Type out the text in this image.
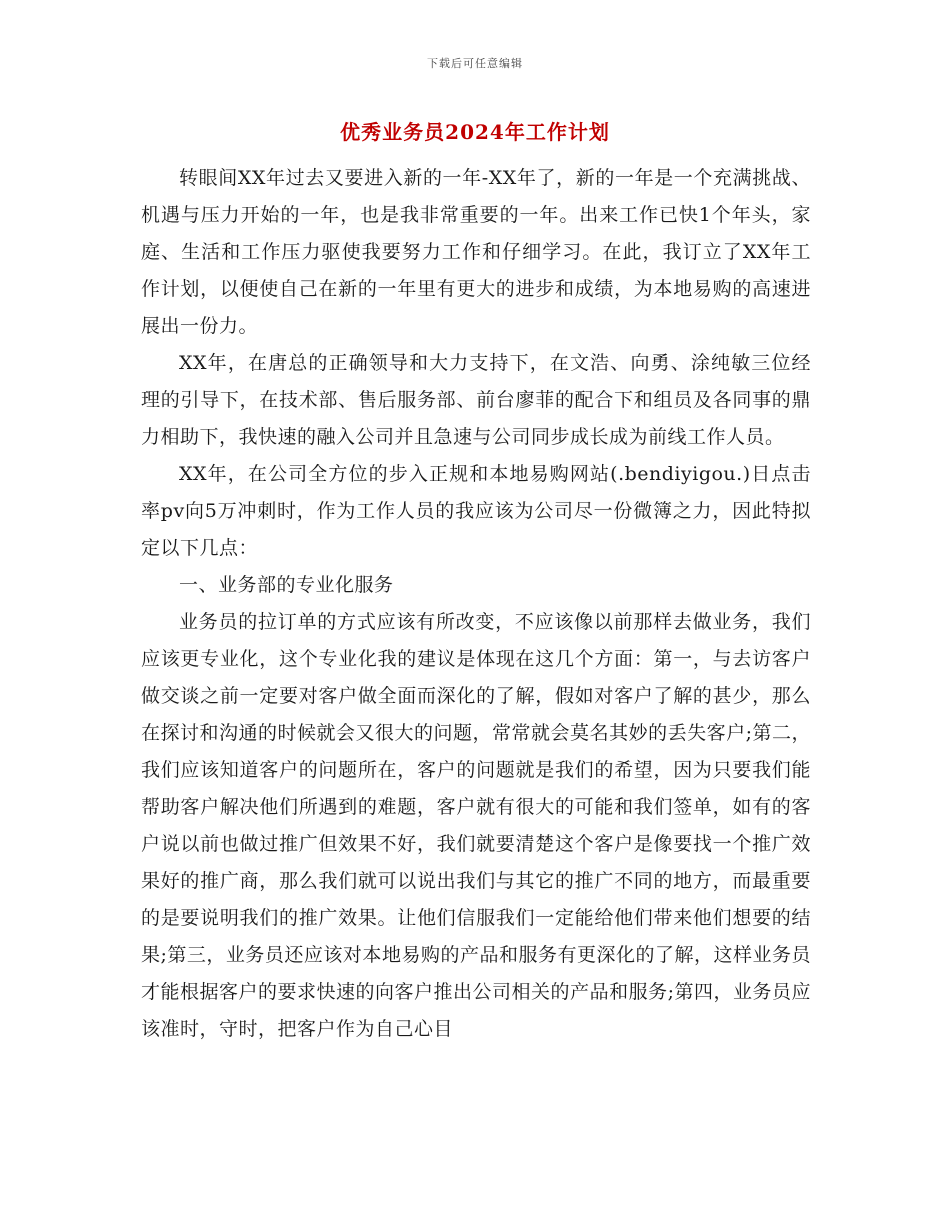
下载后可任意编辑
优秀业务员2024年工作计划

转眼间XX年过去又要进入新的一年-XX年了，新的一年是一个充满挑战、机遇与压力开始的一年，也是我非常重要的一年。出来工作已快1个年头，家庭、生活和工作压力驱使我要努力工作和仔细学习。在此，我订立了XX年工作计划，以便使自己在新的一年里有更大的进步和成绩，为本地易购的高速进展出一份力。

XX年，在唐总的正确领导和大力支持下，在文浩、向勇、涂纯敏三位经理的引导下，在技术部、售后服务部、前台廖菲的配合下和组员及各同事的鼎力相助下，我快速的融入公司并且急速与公司同步成长成为前线工作人员。

XX年，在公司全方位的步入正规和本地易购网站(.bendiyigou.)日点击率pv向5万冲刺时，作为工作人员的我应该为公司尽一份微簿之力，因此特拟定以下几点：

一、业务部的专业化服务

业务员的拉订单的方式应该有所改变，不应该像以前那样去做业务，我们应该更专业化，这个专业化我的建议是体现在这几个方面：第一，与去访客户做交谈之前一定要对客户做全面而深化的了解，假如对客户了解的甚少，那么在探讨和沟通的时候就会又很大的问题，常常就会莫名其妙的丢失客户;第二，我们应该知道客户的问题所在，客户的问题就是我们的希望，因为只要我们能帮助客户解决他们所遇到的难题，客户就有很大的可能和我们签单，如有的客户说以前也做过推广但效果不好，我们就要清楚这个客户是像要找一个推广效果好的推广商，那么我们就可以说出我们与其它的推广不同的地方，而最重要的是要说明我们的推广效果。让他们信服我们一定能给他们带来他们想要的结果;第三，业务员还应该对本地易购的产品和服务有更深化的了解，这样业务员才能根据客户的要求快速的向客户推出公司相关的产品和服务;第四，业务员应该准时，守时，把客户作为自己心目
